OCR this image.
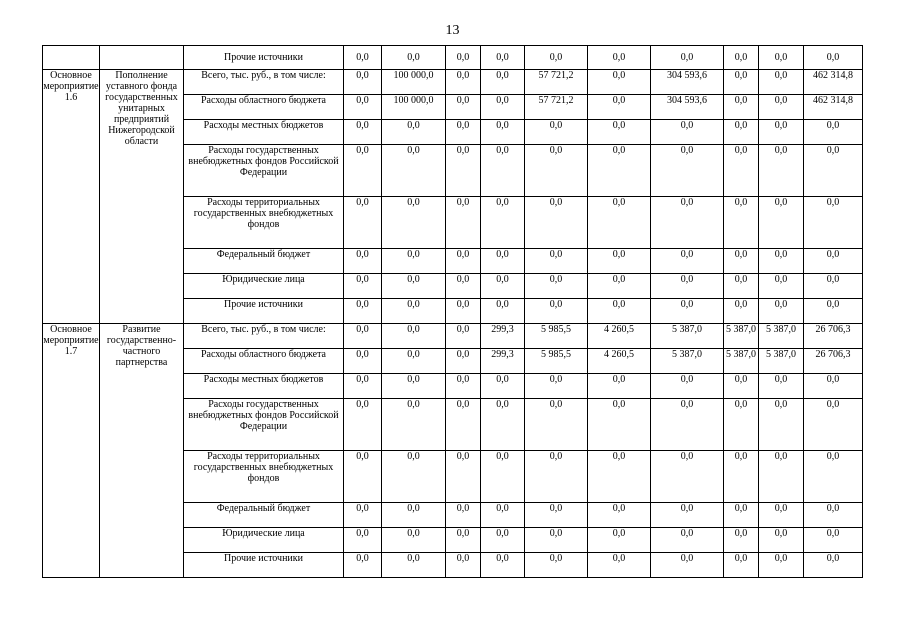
13
		Прочие источники	0,0	0,0	0,0	0,0	0,0	0,0	0,0	0,0	0,0	0,0
Основное мероприятие 1.6	Пополнение уставного фонда государственных унитарных предприятий Нижегородской области	Всего, тыс. руб., в том числе:	0,0	100 000,0	0,0	0,0	57 721,2	0,0	304 593,6	0,0	0,0	462 314,8
		Расходы областного бюджета	0,0	100 000,0	0,0	0,0	57 721,2	0,0	304 593,6	0,0	0,0	462 314,8
		Расходы местных бюджетов	0,0	0,0	0,0	0,0	0,0	0,0	0,0	0,0	0,0	0,0
		Расходы государственных внебюджетных фондов Российской Федерации	0,0	0,0	0,0	0,0	0,0	0,0	0,0	0,0	0,0	0,0
		Расходы территориальных государственных внебюджетных фондов	0,0	0,0	0,0	0,0	0,0	0,0	0,0	0,0	0,0	0,0
		Федеральный бюджет	0,0	0,0	0,0	0,0	0,0	0,0	0,0	0,0	0,0	0,0
		Юридические лица	0,0	0,0	0,0	0,0	0,0	0,0	0,0	0,0	0,0	0,0
		Прочие источники	0,0	0,0	0,0	0,0	0,0	0,0	0,0	0,0	0,0	0,0
Основное мероприятие 1.7	Развитие государственно-частного партнерства	Всего, тыс. руб., в том числе:	0,0	0,0	0,0	299,3	5 985,5	4 260,5	5 387,0	5 387,0	5 387,0	26 706,3
		Расходы областного бюджета	0,0	0,0	0,0	299,3	5 985,5	4 260,5	5 387,0	5 387,0	5 387,0	26 706,3
		Расходы местных бюджетов	0,0	0,0	0,0	0,0	0,0	0,0	0,0	0,0	0,0	0,0
		Расходы государственных внебюджетных фондов Российской Федерации	0,0	0,0	0,0	0,0	0,0	0,0	0,0	0,0	0,0	0,0
		Расходы территориальных государственных внебюджетных фондов	0,0	0,0	0,0	0,0	0,0	0,0	0,0	0,0	0,0	0,0
		Федеральный бюджет	0,0	0,0	0,0	0,0	0,0	0,0	0,0	0,0	0,0	0,0
		Юридические лица	0,0	0,0	0,0	0,0	0,0	0,0	0,0	0,0	0,0	0,0
		Прочие источники	0,0	0,0	0,0	0,0	0,0	0,0	0,0	0,0	0,0	0,0
